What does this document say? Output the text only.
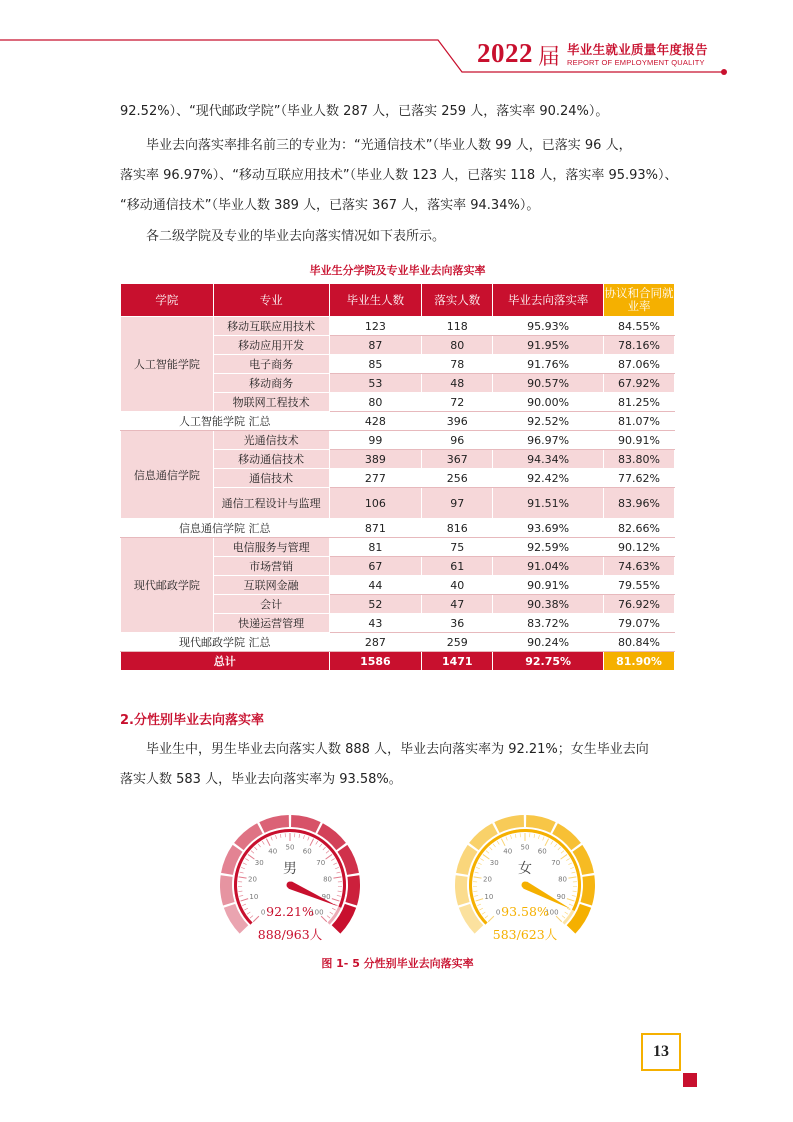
2022 届 毕业生就业质量年度报告
REPORT OF EMPLOYMENT QUALITY
92.52%）、“现代邮政学院”（毕业人数 287 人，已落实 259 人，落实率 90.24%）。
毕业去向落实率排名前三的专业为：“光通信技术”（毕业人数 99 人，已落实 96 人，
落实率 96.97%）、“移动互联应用技术”（毕业人数 123 人，已落实 118 人，落实率 95.93%）、
“移动通信技术”（毕业人数 389 人，已落实 367 人，落实率 94.34%）。
各二级学院及专业的毕业去向落实情况如下表所示。
毕业生分学院及专业毕业去向落实率
学院	专业	毕业生人数	落实人数	毕业去向落实率	协议和合同就业率
人工智能学院	移动互联应用技术	123	118	95.93%	84.55%
	移动应用开发	87	80	91.95%	78.16%
	电子商务	85	78	91.76%	87.06%
	移动商务	53	48	90.57%	67.92%
	物联网工程技术	80	72	90.00%	81.25%
人工智能学院 汇总		428	396	92.52%	81.07%
信息通信学院	光通信技术	99	96	96.97%	90.91%
	移动通信技术	389	367	94.34%	83.80%
	通信技术	277	256	92.42%	77.62%
	通信工程设计与监理	106	97	91.51%	83.96%
信息通信学院 汇总		871	816	93.69%	82.66%
现代邮政学院	电信服务与管理	81	75	92.59%	90.12%
	市场营销	67	61	91.04%	74.63%
	互联网金融	44	40	90.91%	79.55%
	会计	52	47	90.38%	76.92%
	快递运营管理	43	36	83.72%	79.07%
现代邮政学院 汇总		287	259	90.24%	80.84%
总计		1586	1471	92.75%	81.90%
2.分性别毕业去向落实率
毕业生中，男生毕业去向落实人数 888 人，毕业去向落实率为 92.21%；女生毕业去向
落实人数 583 人，毕业去向落实率为 93.58%。
0
10
20
30
40
50
60
70
80
90
100
男
92.21%
888/963人
0
10
20
30
40
50
60
70
80
90
100
女
93.58%
583/623人
图 1- 5 分性别毕业去向落实率
13
